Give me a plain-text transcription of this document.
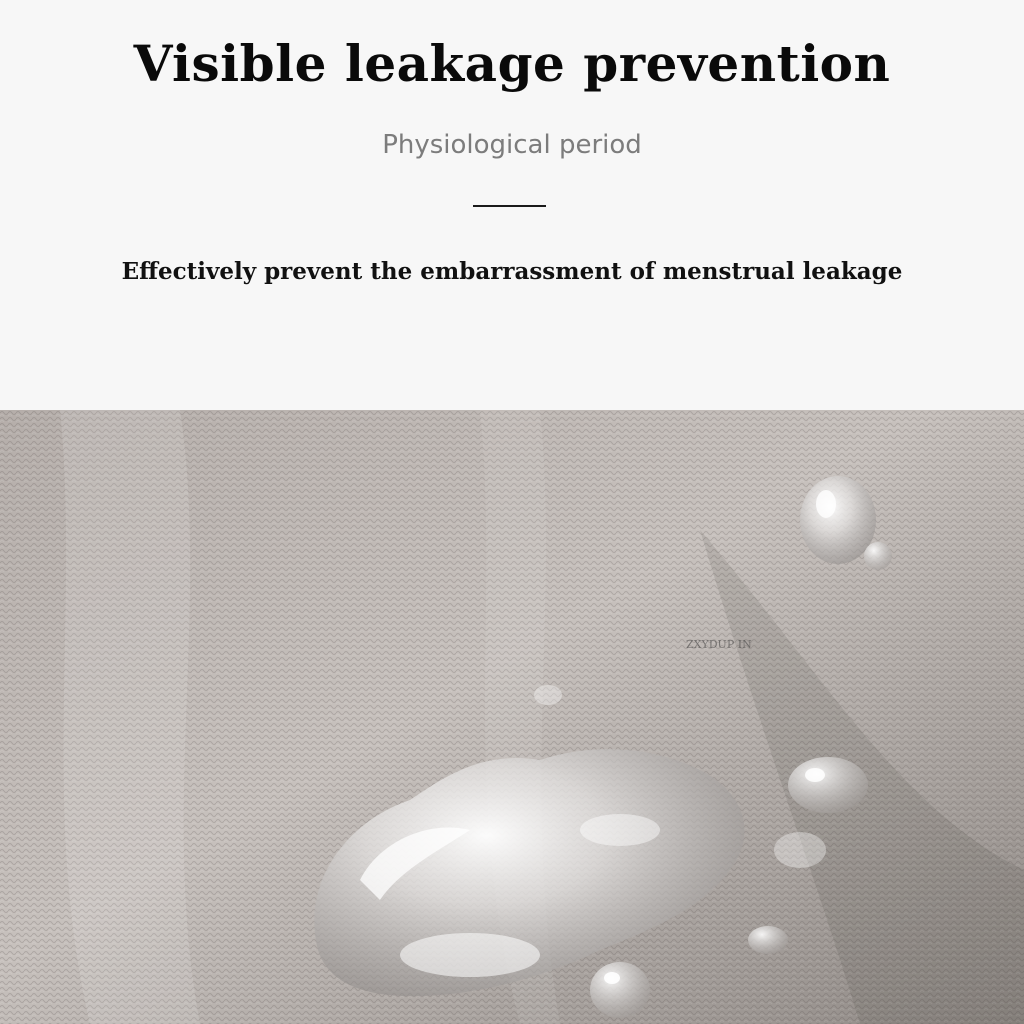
Visible leakage prevention
Physiological period
Effectively prevent the embarrassment of menstrual leakage
ZXYDUP IN
